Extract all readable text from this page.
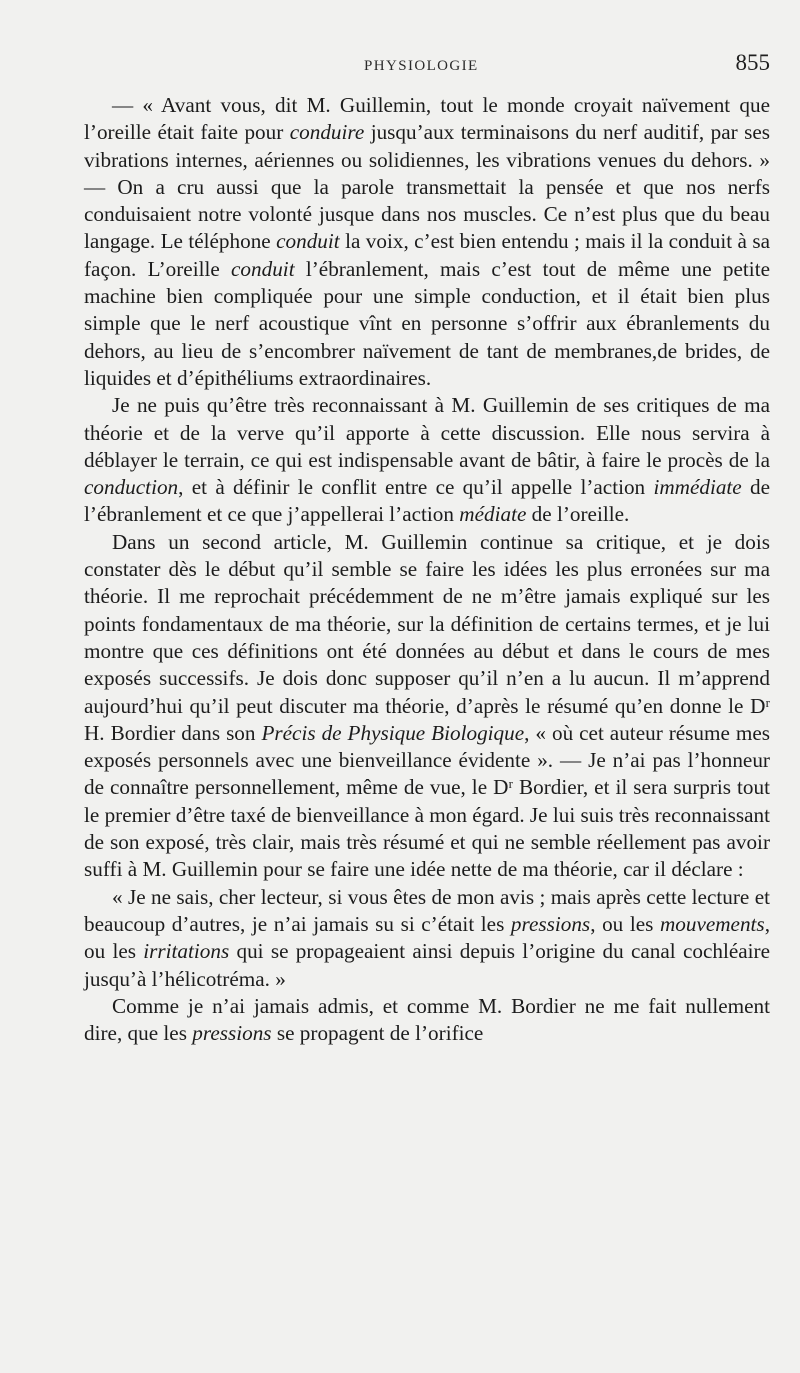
PHYSIOLOGIE	855

— « Avant vous, dit M. Guillemin, tout le monde croyait naïvement que l’oreille était faite pour conduire jusqu’aux terminaisons du nerf auditif, par ses vibrations internes, aériennes ou solidiennes, les vibrations venues du dehors. » — On a cru aussi que la parole transmettait la pensée et que nos nerfs conduisaient notre volonté jusque dans nos muscles. Ce n’est plus que du beau langage. Le téléphone conduit la voix, c’est bien entendu ; mais il la conduit à sa façon. L’oreille conduit l’ébranlement, mais c’est tout de même une petite machine bien compliquée pour une simple conduction, et il était bien plus simple que le nerf acoustique vînt en personne s’offrir aux ébranlements du dehors, au lieu de s’encombrer naïvement de tant de membranes,de brides, de liquides et d’épithéliums extraordinaires.

Je ne puis qu’être très reconnaissant à M. Guillemin de ses critiques de ma théorie et de la verve qu’il apporte à cette discussion. Elle nous servira à déblayer le terrain, ce qui est indispensable avant de bâtir, à faire le procès de la conduction, et à définir le conflit entre ce qu’il appelle l’action immédiate de l’ébranlement et ce que j’appellerai l’action médiate de l’oreille.

Dans un second article, M. Guillemin continue sa critique, et je dois constater dès le début qu’il semble se faire les idées les plus erronées sur ma théorie. Il me reprochait précédemment de ne m’être jamais expliqué sur les points fondamentaux de ma théorie, sur la définition de certains termes, et je lui montre que ces définitions ont été données au début et dans le cours de mes exposés successifs. Je dois donc supposer qu’il n’en a lu aucun. Il m’apprend aujourd’hui qu’il peut discuter ma théorie, d’après le résumé qu’en donne le Dʳ H. Bordier dans son Précis de Physique Biologique, « où cet auteur résume mes exposés personnels avec une bienveillance évidente ». — Je n’ai pas l’honneur de connaître personnellement, même de vue, le Dʳ Bordier, et il sera surpris tout le premier d’être taxé de bienveillance à mon égard. Je lui suis très reconnaissant de son exposé, très clair, mais très résumé et qui ne semble réellement pas avoir suffi à M. Guillemin pour se faire une idée nette de ma théorie, car il déclare :

« Je ne sais, cher lecteur, si vous êtes de mon avis ; mais après cette lecture et beaucoup d’autres, je n’ai jamais su si c’était les pressions, ou les mouvements, ou les irritations qui se propageaient ainsi depuis l’origine du canal cochléaire jusqu’à l’hélicotréma. »

Comme je n’ai jamais admis, et comme M. Bordier ne me fait nullement dire, que les pressions se propagent de l’orifice
